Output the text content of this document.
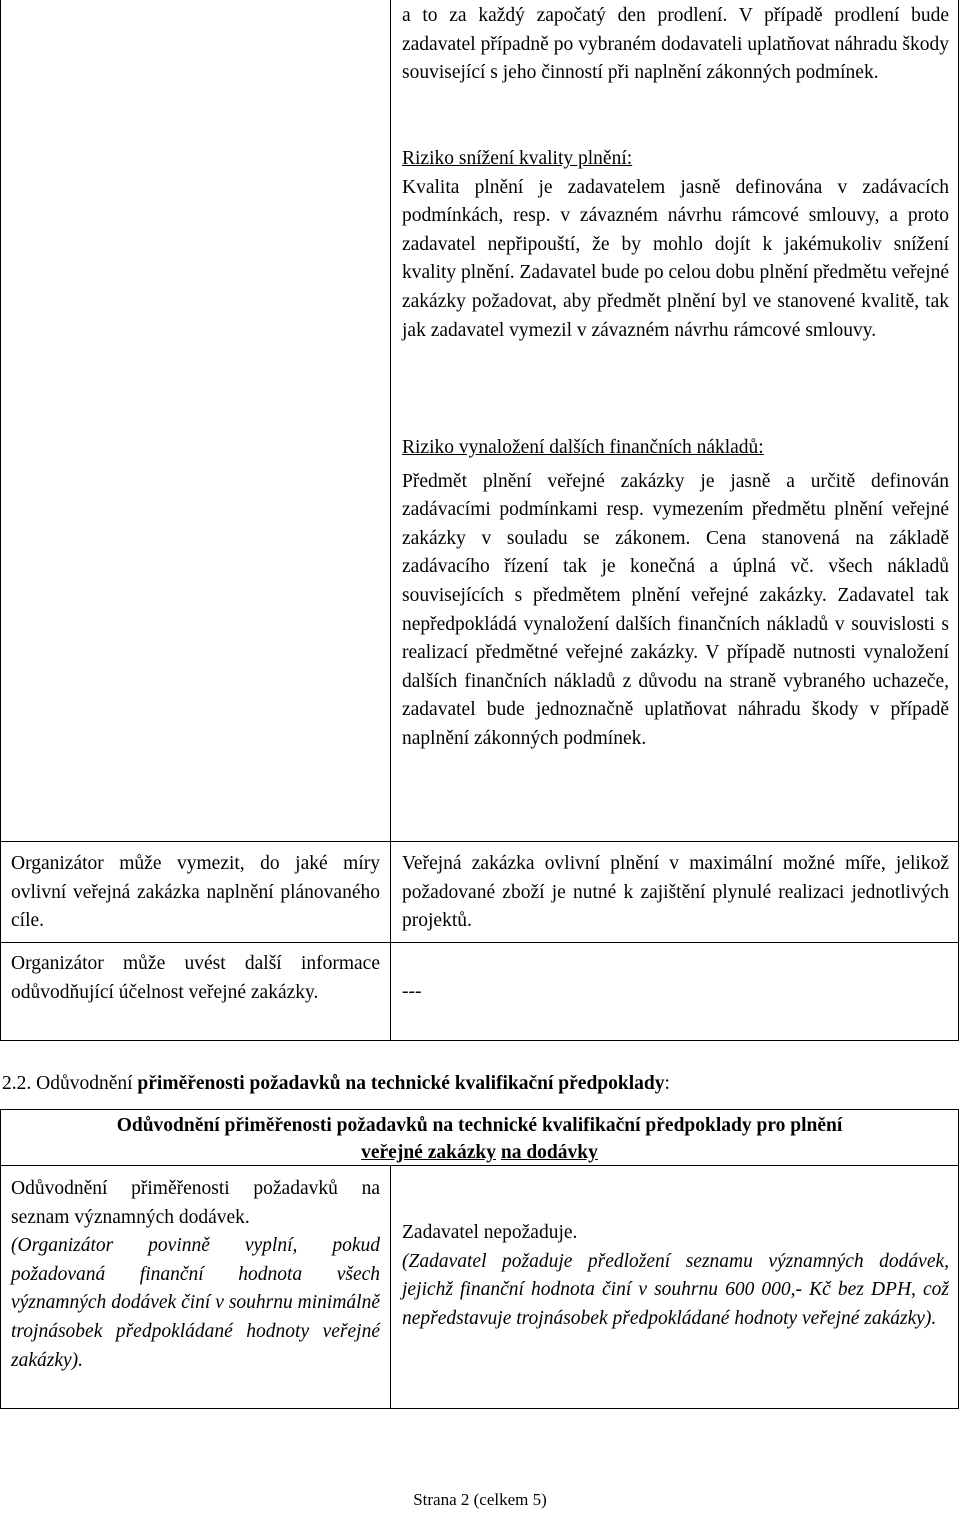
a to za každý započatý den prodlení. V případě prodlení bude zadavatel případně po vybraném dodavateli uplatňovat náhradu škody související s jeho činností při naplnění zákonných podmínek.

Riziko snížení kvality plnění:

Kvalita plnění je zadavatelem jasně definována v zadávacích podmínkách, resp. v závazném návrhu rámcové smlouvy, a proto zadavatel nepřipouští, že by mohlo dojít k jakémukoliv snížení kvality plnění. Zadavatel bude po celou dobu plnění předmětu veřejné zakázky požadovat, aby předmět plnění byl ve stanovené kvalitě, tak jak zadavatel vymezil v závazném návrhu rámcové smlouvy.

Riziko vynaložení dalších finančních nákladů:

Předmět plnění veřejné zakázky je jasně a určitě definován zadávacími podmínkami resp. vymezením předmětu plnění veřejné zakázky v souladu se zákonem. Cena stanovená na základě zadávacího řízení tak je konečná a úplná vč. všech nákladů souvisejících s předmětem plnění veřejné zakázky. Zadavatel tak nepředpokládá vynaložení dalších finančních nákladů v souvislosti s realizací předmětné veřejné zakázky. V případě nutnosti vynaložení dalších finančních nákladů z důvodu na straně vybraného uchazeče, zadavatel bude jednoznačně uplatňovat náhradu škody v případě naplnění zákonných podmínek.

Organizátor může vymezit, do jaké míry ovlivní veřejná zakázka naplnění plánovaného cíle.

Veřejná zakázka ovlivní plnění v maximální možné míře, jelikož požadované zboží je nutné k zajištění plynulé realizaci jednotlivých projektů.

Organizátor může uvést další informace odůvodňující účelnost veřejné zakázky.	---

2.2. Odůvodnění přiměřenosti požadavků na technické kvalifikační předpoklady:

Odůvodnění přiměřenosti požadavků na technické kvalifikační předpoklady pro plnění

veřejné zakázky na dodávky

Odůvodnění přiměřenosti požadavků na seznam významných dodávek.

(Organizátor povinně vyplní, pokud požadovaná finanční hodnota všech významných dodávek činí v souhrnu minimálně trojnásobek předpokládané hodnoty veřejné zakázky).

Zadavatel nepožaduje.

(Zadavatel požaduje předložení seznamu významných dodávek, jejichž finanční hodnota činí v souhrnu 600 000,- Kč bez DPH, což nepředstavuje trojnásobek předpokládané hodnoty veřejné zakázky).

Strana 2 (celkem 5)
